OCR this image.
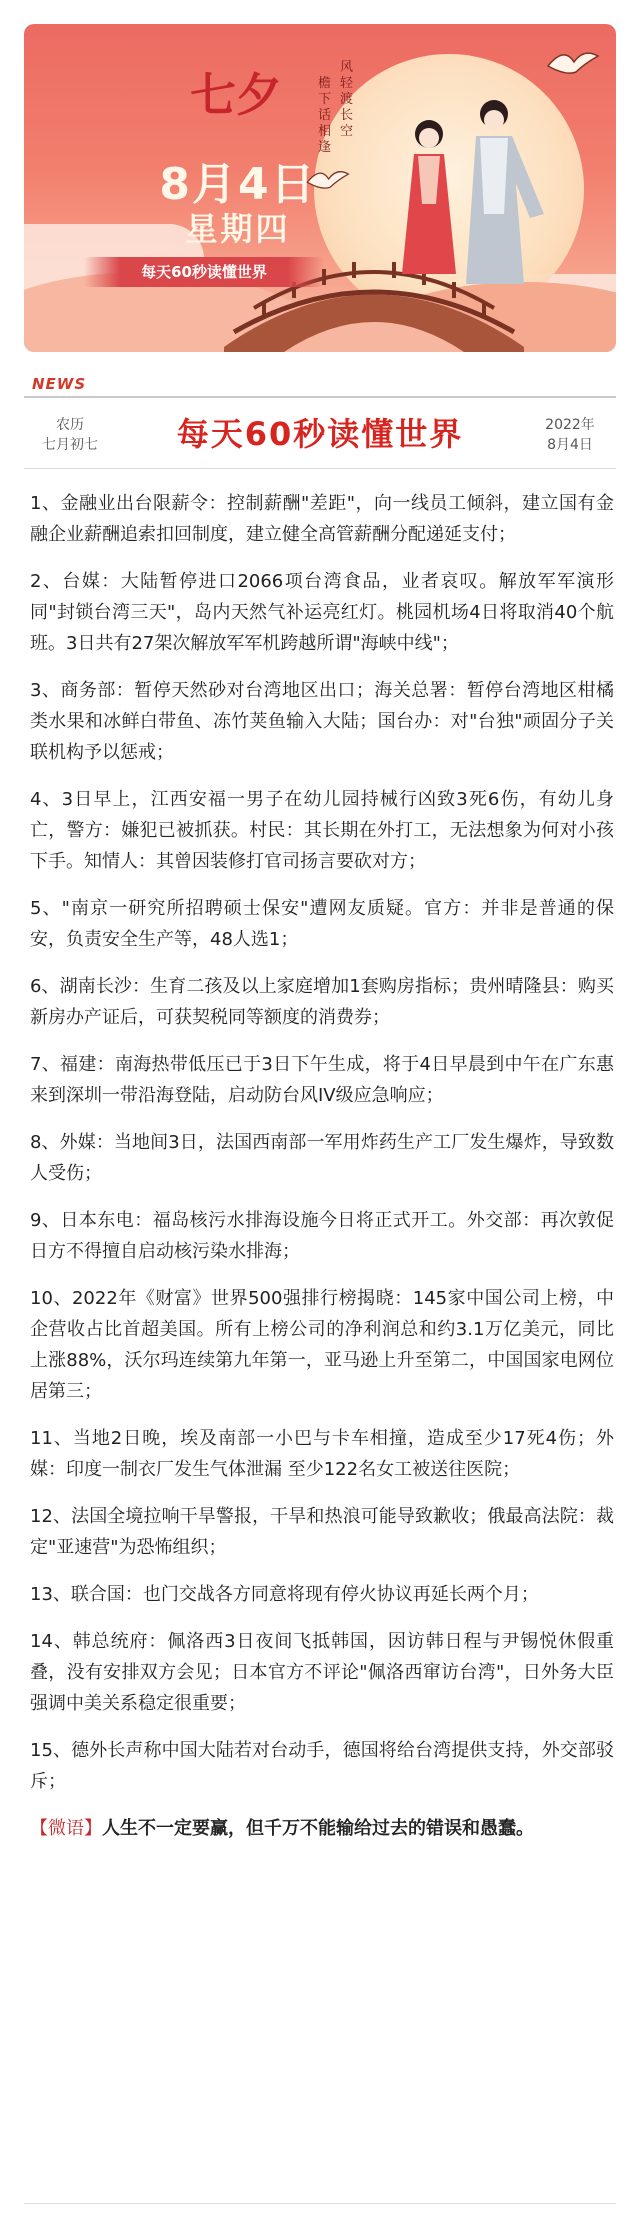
风轻渡长空
檐下话相逢
七夕
8月4日
星期四
每天60秒读懂世界
NEWS
农历
七月初七	每天60秒读懂世界	2022年
8月4日

1、金融业出台限薪令：控制薪酬"差距"，向一线员工倾斜，建立国有金融企业薪酬追索扣回制度，建立健全高管薪酬分配递延支付；

2、台媒：大陆暂停进口2066项台湾食品，业者哀叹。解放军军演形同"封锁台湾三天"，岛内天然气补运亮红灯。桃园机场4日将取消40个航班。3日共有27架次解放军军机跨越所谓"海峡中线"；

3、商务部：暂停天然砂对台湾地区出口；海关总署：暂停台湾地区柑橘类水果和冰鲜白带鱼、冻竹荚鱼输入大陆；国台办：对"台独"顽固分子关联机构予以惩戒；

4、3日早上，江西安福一男子在幼儿园持械行凶致3死6伤，有幼儿身亡，警方：嫌犯已被抓获。村民：其长期在外打工，无法想象为何对小孩下手。知情人：其曾因装修打官司扬言要砍对方；

5、"南京一研究所招聘硕士保安"遭网友质疑。官方：并非是普通的保安，负责安全生产等，48人选1；

6、湖南长沙：生育二孩及以上家庭增加1套购房指标；贵州晴隆县：购买新房办产证后，可获契税同等额度的消费券；

7、福建：南海热带低压已于3日下午生成，将于4日早晨到中午在广东惠来到深圳一带沿海登陆，启动防台风IV级应急响应；

8、外媒：当地间3日，法国西南部一军用炸药生产工厂发生爆炸，导致数人受伤；

9、日本东电：福岛核污水排海设施今日将正式开工。外交部：再次敦促日方不得擅自启动核污染水排海；

10、2022年《财富》世界500强排行榜揭晓：145家中国公司上榜，中企营收占比首超美国。所有上榜公司的净利润总和约3.1万亿美元，同比上涨88%，沃尔玛连续第九年第一，亚马逊上升至第二，中国国家电网位居第三；

11、当地2日晚，埃及南部一小巴与卡车相撞，造成至少17死4伤；外媒：印度一制衣厂发生气体泄漏 至少122名女工被送往医院；

12、法国全境拉响干旱警报，干旱和热浪可能导致歉收；俄最高法院：裁定"亚速营"为恐怖组织；

13、联合国：也门交战各方同意将现有停火协议再延长两个月；

14、韩总统府：佩洛西3日夜间飞抵韩国，因访韩日程与尹锡悦休假重叠，没有安排双方会见；日本官方不评论"佩洛西窜访台湾"，日外务大臣强调中美关系稳定很重要；

15、德外长声称中国大陆若对台动手，德国将给台湾提供支持，外交部驳斥；

【微语】人生不一定要赢，但千万不能输给过去的错误和愚蠢。
